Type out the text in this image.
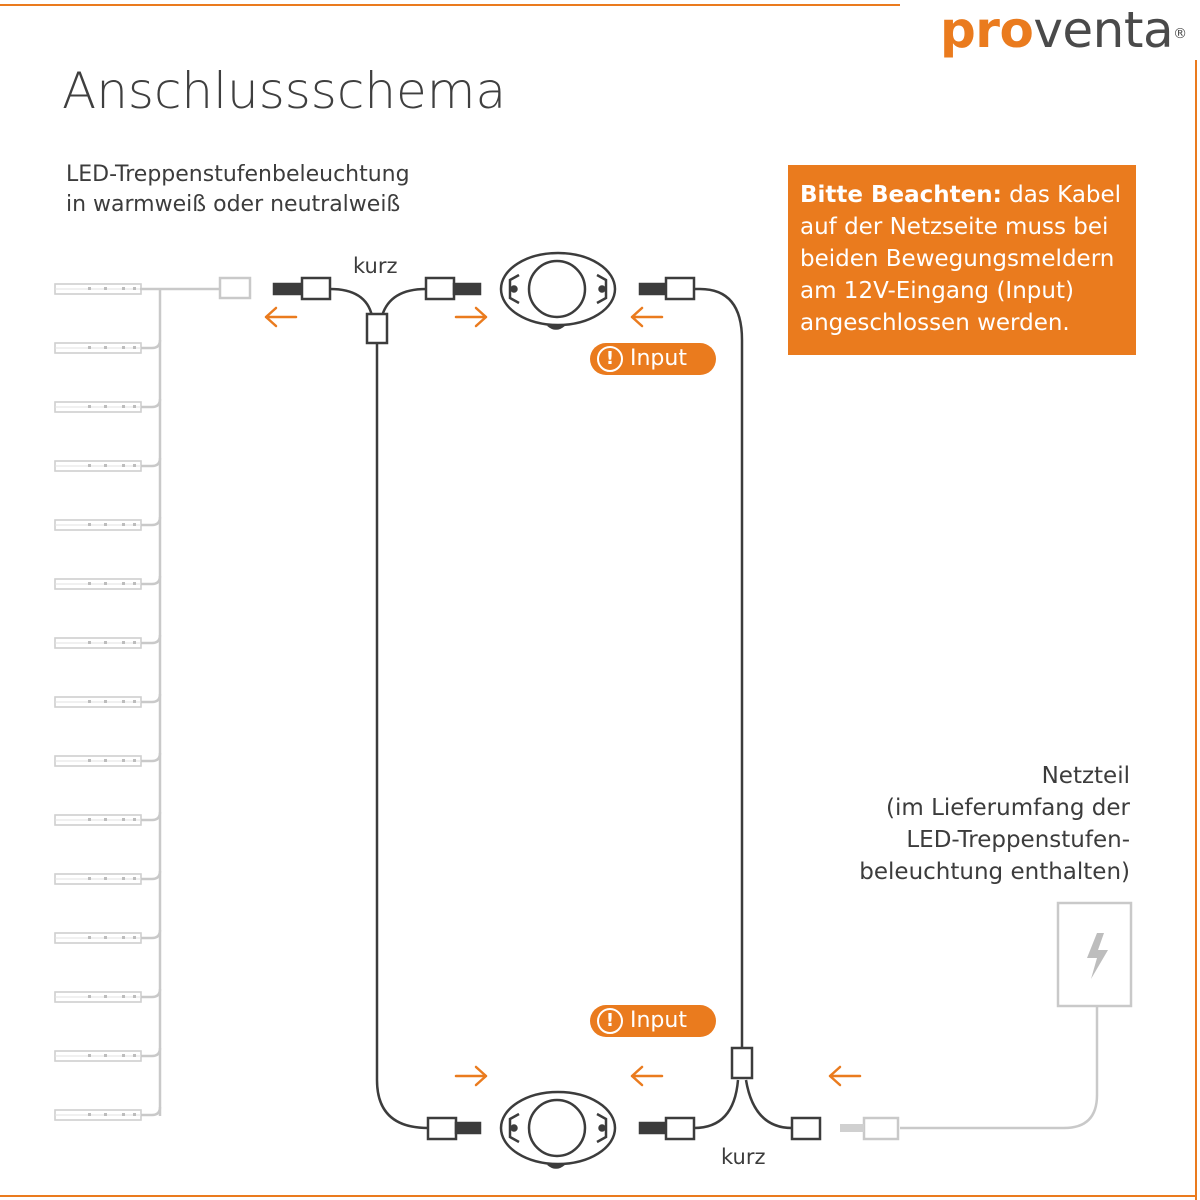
proventa®
Anschlussschema
LED-Treppenstufenbeleuchtung
in warmweiß oder neutralweiß	Bitte Beachten: das Kabel
auf der Netzseite muss bei
beiden Bewegungsmeldern
am 12V-Eingang (Input)
angeschlossen werden.
kurz
kurz
! Input
! Input
Netzteil
(im Lieferumfang der
LED-Treppenstufen-
beleuchtung enthalten)
